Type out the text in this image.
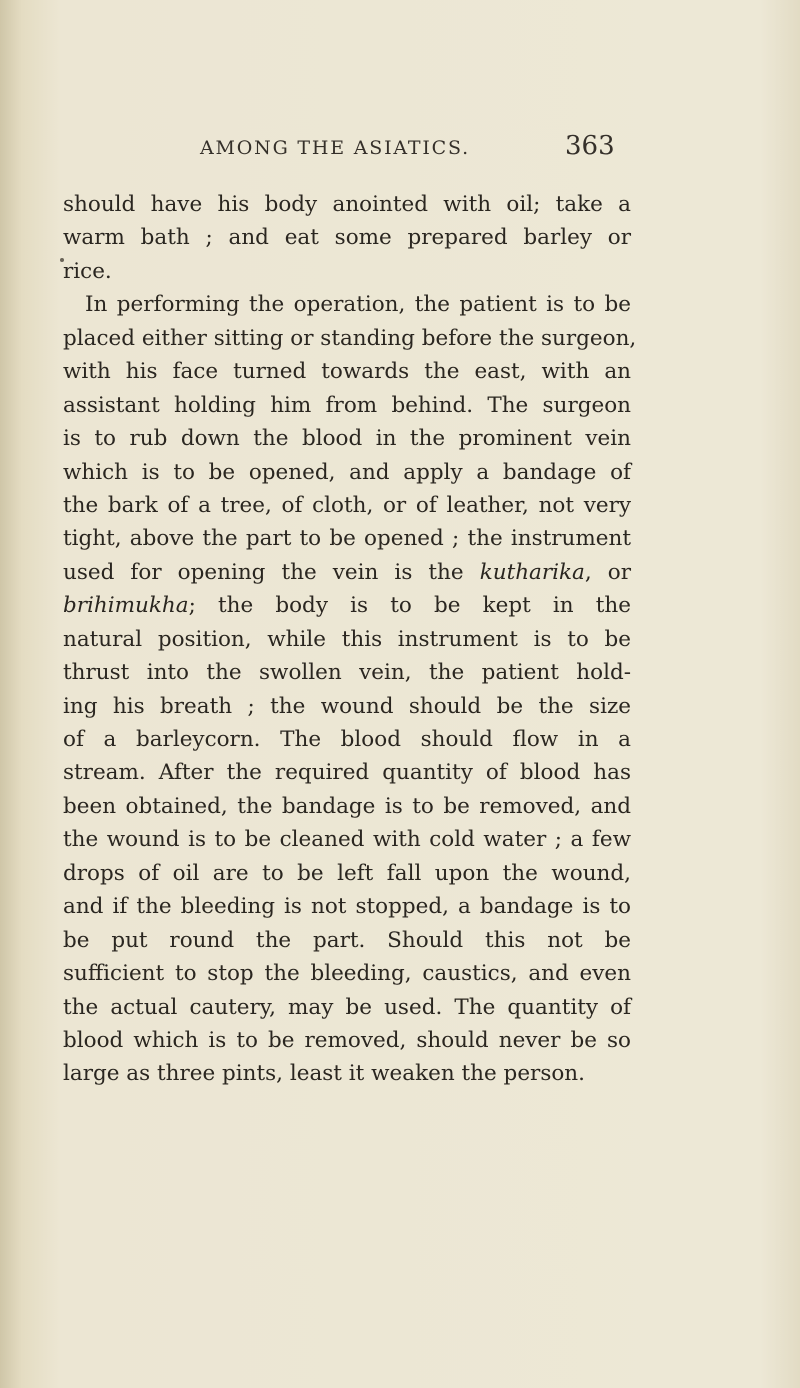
AMONG THE ASIATICS.	363
should have his body anointed with oil; take a
warm bath ; and eat some prepared barley or
rice.
In performing the operation, the patient is to be
placed either sitting or standing before the surgeon,
with his face turned towards the east, with an
assistant holding him from behind. The surgeon
is to rub down the blood in the prominent vein
which is to be opened, and apply a bandage of
the bark of a tree, of cloth, or of leather, not very
tight, above the part to be opened ; the instrument
used for opening the vein is the kutharika, or
brihimukha; the body is to be kept in the
natural position, while this instrument is to be
thrust into the swollen vein, the patient hold-
ing his breath ; the wound should be the size
of a barleycorn. The blood should flow in a
stream. After the required quantity of blood has
been obtained, the bandage is to be removed, and
the wound is to be cleaned with cold water ; a few
drops of oil are to be left fall upon the wound,
and if the bleeding is not stopped, a bandage is to
be put round the part. Should this not be
sufficient to stop the bleeding, caustics, and even
the actual cautery, may be used. The quantity of
blood which is to be removed, should never be so
large as three pints, least it weaken the person.
